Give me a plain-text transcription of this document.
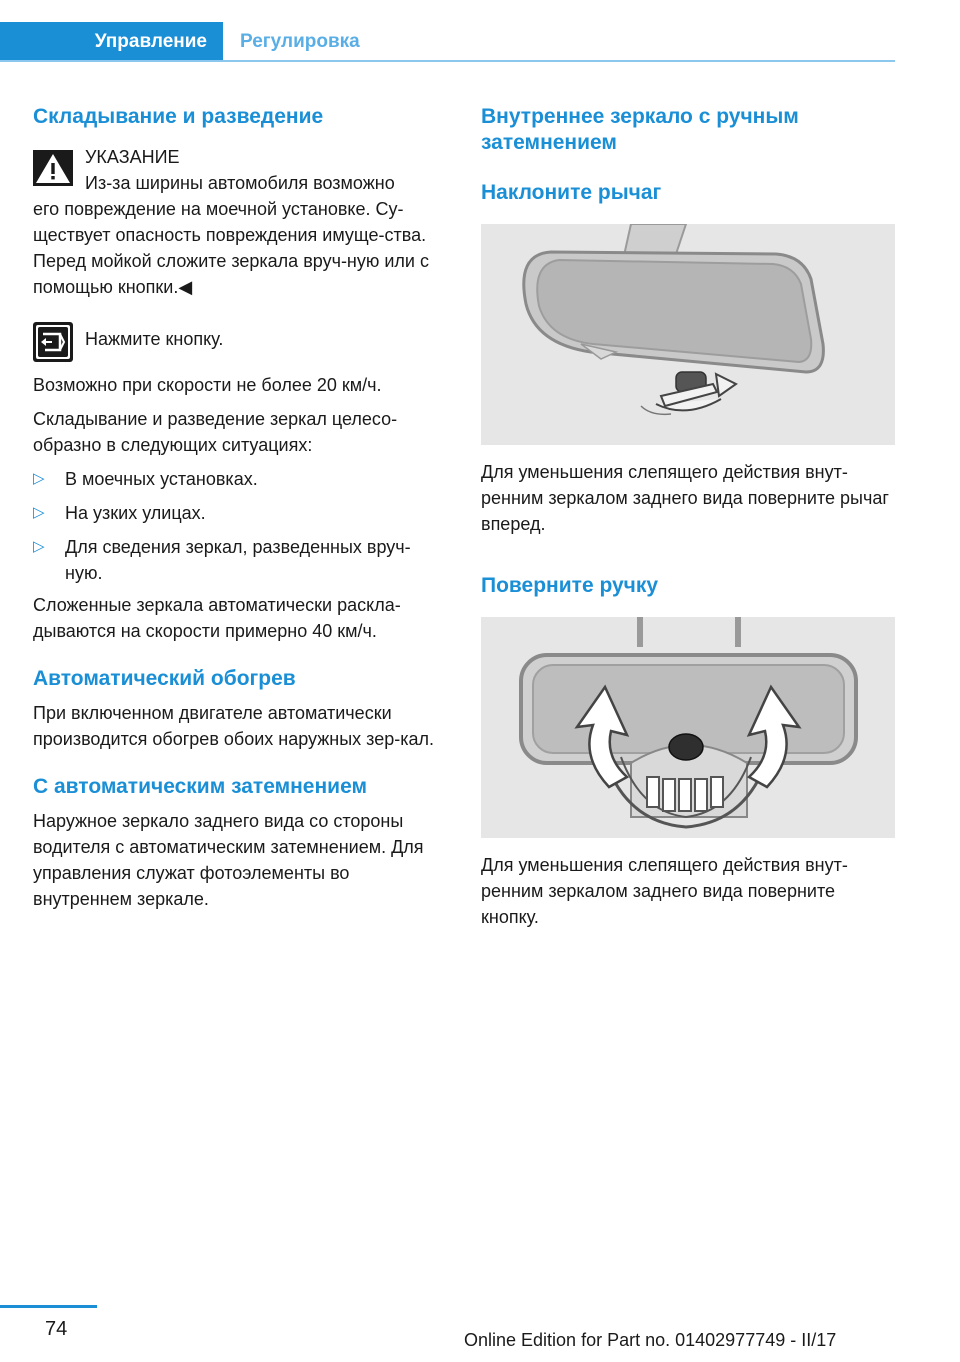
Управление	Регулировка
Складывание и разведение

УКАЗАНИЕ

Из-за ширины автомобиля возможно

его повреждение на моечной установке. Су-ществует опасность повреждения имуще-ства. Перед мойкой сложите зеркала вруч-ную или с помощью кнопки.◀

Нажмите кнопку.

Возможно при скорости не более 20 км/ч.

Складывание и разведение зеркал целесо-образно в следующих ситуациях:

▷ В моечных установках.
▷ На узких улицах.
▷ Для сведения зеркал, разведенных вруч-ную.

Сложенные зеркала автоматически раскла-дываются на скорости примерно 40 км/ч.

Автоматический обогрев

При включенном двигателе автоматически производится обогрев обоих наружных зер-кал.

С автоматическим затемнением

Наружное зеркало заднего вида со стороны водителя с автоматическим затемнением. Для управления служат фотоэлементы во внутреннем зеркале.

Внутреннее зеркало с ручным затемнением
Наклоните рычаг

Для уменьшения слепящего действия внут-ренним зеркалом заднего вида поверните рычаг вперед.

Поверните ручку

Для уменьшения слепящего действия внут-ренним зеркалом заднего вида поверните кнопку.

74	Online Edition for Part no. 01402977749 - II/17
